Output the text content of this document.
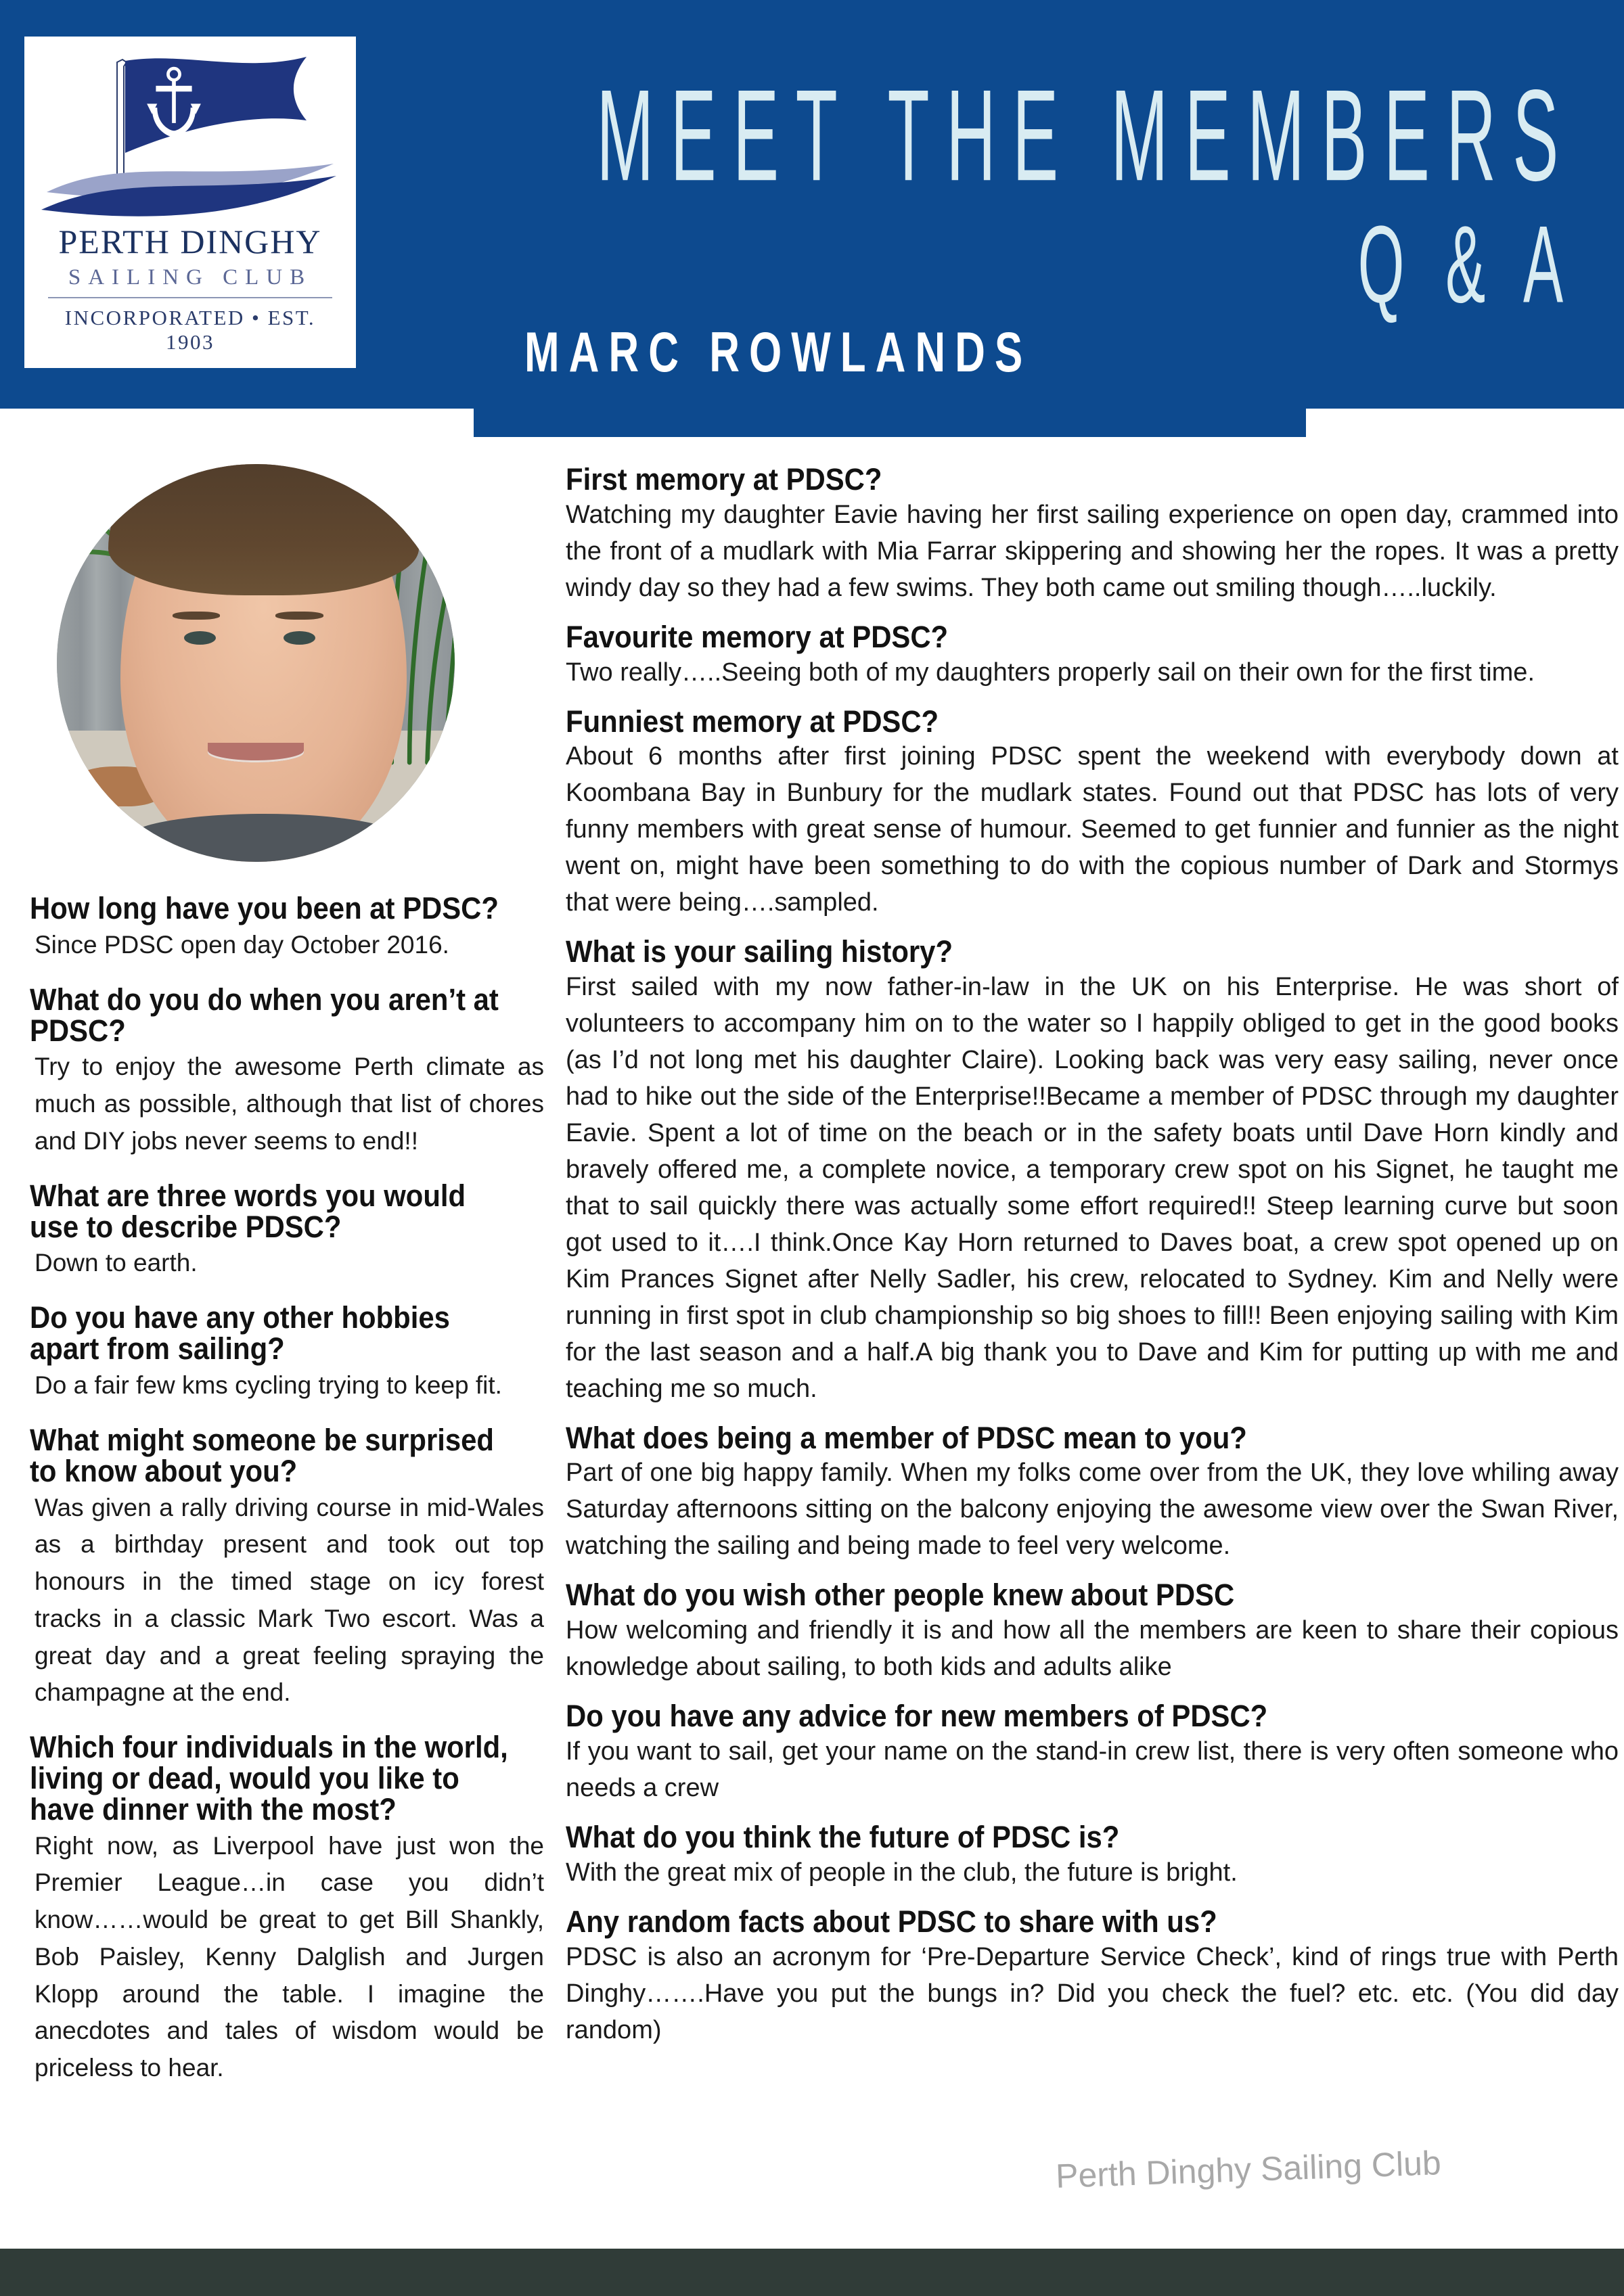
PERTH DINGHY
SAILING CLUB
INCORPORATED • EST. 1903
MEET THE MEMBERS
Q & A
MARC ROWLANDS

How long have you been at PDSC?

Since PDSC open day October 2016.

What do you do when you aren’t at PDSC?

Try to enjoy the awesome Perth climate as much as possible, although that list of chores and DIY jobs never seems to end!!

What are three words you would use to describe PDSC?

Down to earth.

Do you have any other hobbies apart from sailing?

Do a fair few kms cycling trying to keep fit.

What might someone be surprised to know about you?

Was given a rally driving course in mid-Wales as a birthday present and took out top honours in the timed stage on icy forest tracks in a classic Mark Two escort. Was a great day and a great feeling spraying the champagne at the end.

Which four individuals in the world, living or dead, would you like to have dinner with the most?

Right now, as Liverpool have just won the Premier League…in case you didn’t know……would be great to get Bill Shankly, Bob Paisley, Kenny Dalglish and Jurgen Klopp around the table. I imagine the anecdotes and tales of wisdom would be priceless to hear.

First memory at PDSC?

Watching my daughter Eavie having her first sailing experience on open day, crammed into the front of a mudlark with Mia Farrar skippering and showing her the ropes. It was a pretty windy day so they had a few swims. They both came out smiling though…..luckily.

Favourite memory at PDSC?

Two really…..Seeing both of my daughters properly sail on their own for the first time.

Funniest memory at PDSC?

About 6 months after first joining PDSC spent the weekend with everybody down at Koombana Bay in Bunbury for the mudlark states. Found out that PDSC has lots of very funny members with great sense of humour. Seemed to get funnier and funnier as the night went on, might have been something to do with the copious number of Dark and Stormys that were being….sampled.

What is your sailing history?

First sailed with my now father-in-law in the UK on his Enterprise. He was short of volunteers to accompany him on to the water so I happily obliged to get in the good books (as I’d not long met his daughter Claire). Looking back was very easy sailing, never once had to hike out the side of the Enterprise!!Became a member of PDSC through my daughter Eavie. Spent a lot of time on the beach or in the safety boats until Dave Horn kindly and bravely offered me, a complete novice, a temporary crew spot on his Signet, he taught me that to sail quickly there was actually some effort required!! Steep learning curve but soon got used to it….I think.Once Kay Horn returned to Daves boat, a crew spot opened up on Kim Prances Signet after Nelly Sadler, his crew, relocated to Sydney. Kim and Nelly were running in first spot in club championship so big shoes to fill!! Been enjoying sailing with Kim for the last season and a half.A big thank you to Dave and Kim for putting up with me and teaching me so much.

What does being a member of PDSC mean to you?

Part of one big happy family. When my folks come over from the UK, they love whiling away Saturday afternoons sitting on the balcony enjoying the awesome view over the Swan River, watching the sailing and being made to feel very welcome.

What do you wish other people knew about PDSC

How welcoming and friendly it is and how all the members are keen to share their copious knowledge about sailing, to both kids and adults alike

Do you have any advice for new members of PDSC?

If you want to sail, get your name on the stand-in crew list, there is very often someone who needs a crew

What do you think the future of PDSC is?

With the great mix of people in the club, the future is bright.

Any random facts about PDSC to share with us?

PDSC is also an acronym for ‘Pre-Departure Service Check’, kind of rings true with Perth Dinghy…….Have you put the bungs in? Did you check the fuel? etc. etc. (You did day random)

Perth Dinghy Sailing Club
